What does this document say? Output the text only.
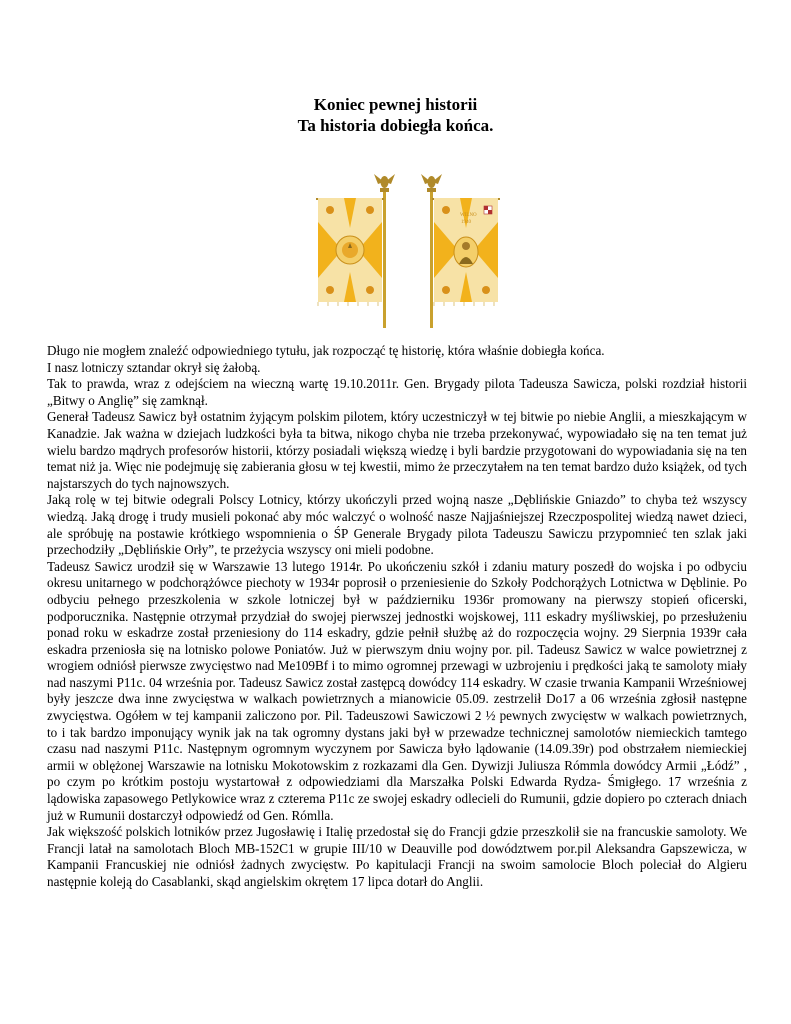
Koniec pewnej historii
Ta historia dobiegła końca.
WILNO
1940

Długo nie mogłem znaleźć odpowiedniego tytułu, jak rozpocząć tę historię, która właśnie dobiegła końca.

I nasz lotniczy sztandar okrył się żałobą.

Tak to prawda, wraz z odejściem na wieczną wartę 19.10.2011r. Gen. Brygady pilota Tadeusza Sawicza, polski rozdział historii „Bitwy o Anglię” się zamknął.

Generał Tadeusz Sawicz był ostatnim żyjącym polskim pilotem, który uczestniczył w tej bitwie po niebie Anglii, a mieszkającym w Kanadzie. Jak ważna w dziejach ludzkości była ta bitwa, nikogo chyba nie trzeba przekonywać, wypowiadało się na ten temat już wielu bardzo mądrych profesorów historii, którzy posiadali większą wiedzę i byli bardzie przygotowani do wypowiadania się na ten temat niż ja. Więc nie podejmuję się zabierania głosu w tej kwestii, mimo że przeczytałem na ten temat bardzo dużo książek, od tych najstarszych do tych najnowszych.

Jaką rolę w tej bitwie odegrali Polscy Lotnicy, którzy ukończyli przed wojną nasze „Dęblińskie Gniazdo” to chyba też wszyscy wiedzą. Jaką drogę i trudy musieli pokonać aby móc walczyć o wolność nasze Najjaśniejszej Rzeczpospolitej wiedzą nawet dzieci, ale spróbuję na postawie krótkiego wspomnienia o ŚP Generale Brygady pilota Tadeuszu Sawiczu przypomnieć ten szlak jaki przechodziły „Dęblińskie Orły”, te przeżycia wszyscy oni mieli podobne.

Tadeusz Sawicz urodził się w Warszawie 13 lutego 1914r. Po ukończeniu szkół i zdaniu matury poszedł do wojska i po odbyciu okresu unitarnego w podchorążówce piechoty w 1934r poprosił o przeniesienie do Szkoły Podchorążych Lotnictwa w Dęblinie. Po odbyciu pełnego przeszkolenia w szkole lotniczej był w październiku 1936r promowany na pierwszy stopień oficerski, podporucznika. Następnie otrzymał przydział do swojej pierwszej jednostki wojskowej, 111 eskadry myśliwskiej, po przesłużeniu ponad roku w eskadrze został przeniesiony do 114 eskadry, gdzie pełnił służbę aż do rozpoczęcia wojny. 29 Sierpnia 1939r cała eskadra przeniosła się na lotnisko polowe Poniatów. Już w pierwszym dniu wojny por. pil. Tadeusz Sawicz w walce powietrznej z wrogiem odniósł pierwsze zwycięstwo nad Me109Bf i to mimo ogromnej przewagi w uzbrojeniu i prędkości jaką te samoloty miały nad naszymi P11c. 04 września por. Tadeusz Sawicz został zastępcą dowódcy 114 eskadry. W czasie trwania Kampanii Wrześniowej były jeszcze dwa inne zwycięstwa w walkach powietrznych a mianowicie 05.09. zestrzelił Do17 a 06 września zgłosił następne zwycięstwa. Ogółem w tej kampanii zaliczono por. Pil. Tadeuszowi Sawiczowi 2 ½ pewnych zwycięstw w walkach powietrznych, to i tak bardzo imponujący wynik jak na tak ogromny dystans jaki był w przewadze technicznej samolotów niemieckich tamtego czasu nad naszymi P11c. Następnym ogromnym wyczynem por Sawicza było lądowanie (14.09.39r) pod obstrzałem niemieckiej armii w oblężonej Warszawie na lotnisku Mokotowskim z rozkazami dla Gen. Dywizji Juliusza Rómmla dowódcy Armii „Łódź” , po czym po krótkim postoju wystartował z odpowiedziami dla Marszałka Polski Edwarda Rydza- Śmigłego. 17 września z lądowiska zapasowego Petlykowice wraz z czterema P11c ze swojej eskadry odlecieli do Rumunii, gdzie dopiero po czterach dniach już w Rumunii dostarczył odpowiedź od Gen. Rómlla.

Jak większość polskich lotników przez Jugosławię i Italię przedostał się do Francji gdzie przeszkolił sie na francuskie samoloty. We Francji latał na samolotach Bloch MB-152C1 w grupie III/10 w Deauville pod dowództwem por.pil Aleksandra Gapszewicza, w Kampanii Francuskiej nie odniósł żadnych zwycięstw. Po kapitulacji Francji na swoim samolocie Bloch poleciał do Algieru następnie koleją do Casablanki, skąd angielskim okrętem 17 lipca dotarł do Anglii.
